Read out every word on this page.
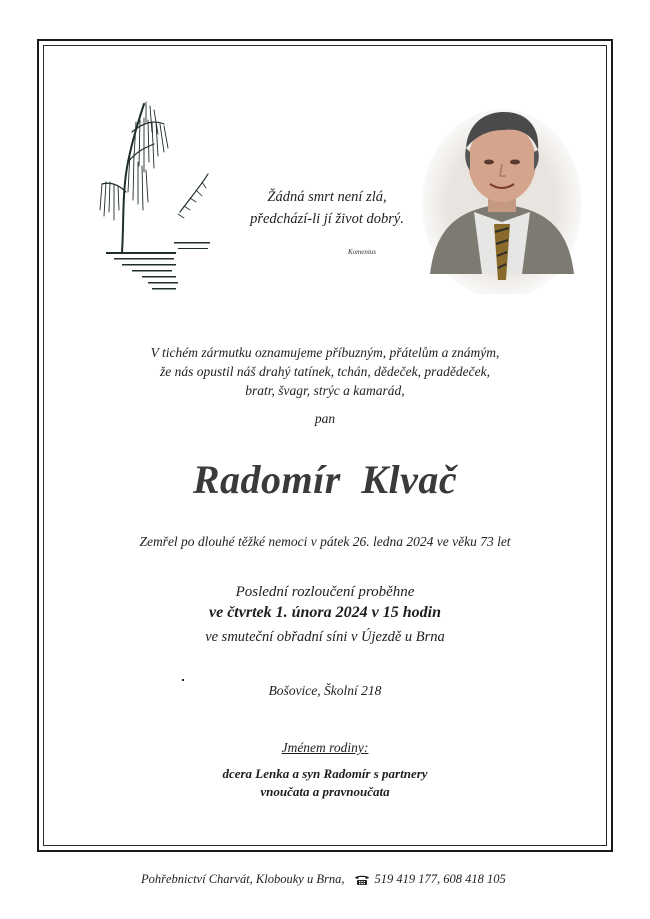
Žádná smrt není zlá,
předchází-li jí život dobrý.
Komenius
V tichém zármutku oznamujeme příbuzným, přátelům a známým,
že nás opustil náš drahý tatínek, tchán, dědeček, pradědeček,
bratr, švagr, strýc a kamarád,
pan
Radomír Klvač
Zemřel po dlouhé těžké nemoci v pátek 26. ledna 2024 ve věku 73 let
Poslední rozloučení proběhne
ve čtvrtek 1. února 2024 v 15 hodin
ve smuteční obřadní síni v Újezdě u Brna
Bošovice, Školní 218
Jménem rodiny:
dcera Lenka a syn Radomír s partnery
vnoučata a pravnoučata
Pohřebnictví Charvát, Klobouky u Brna, 519 419 177, 608 418 105
